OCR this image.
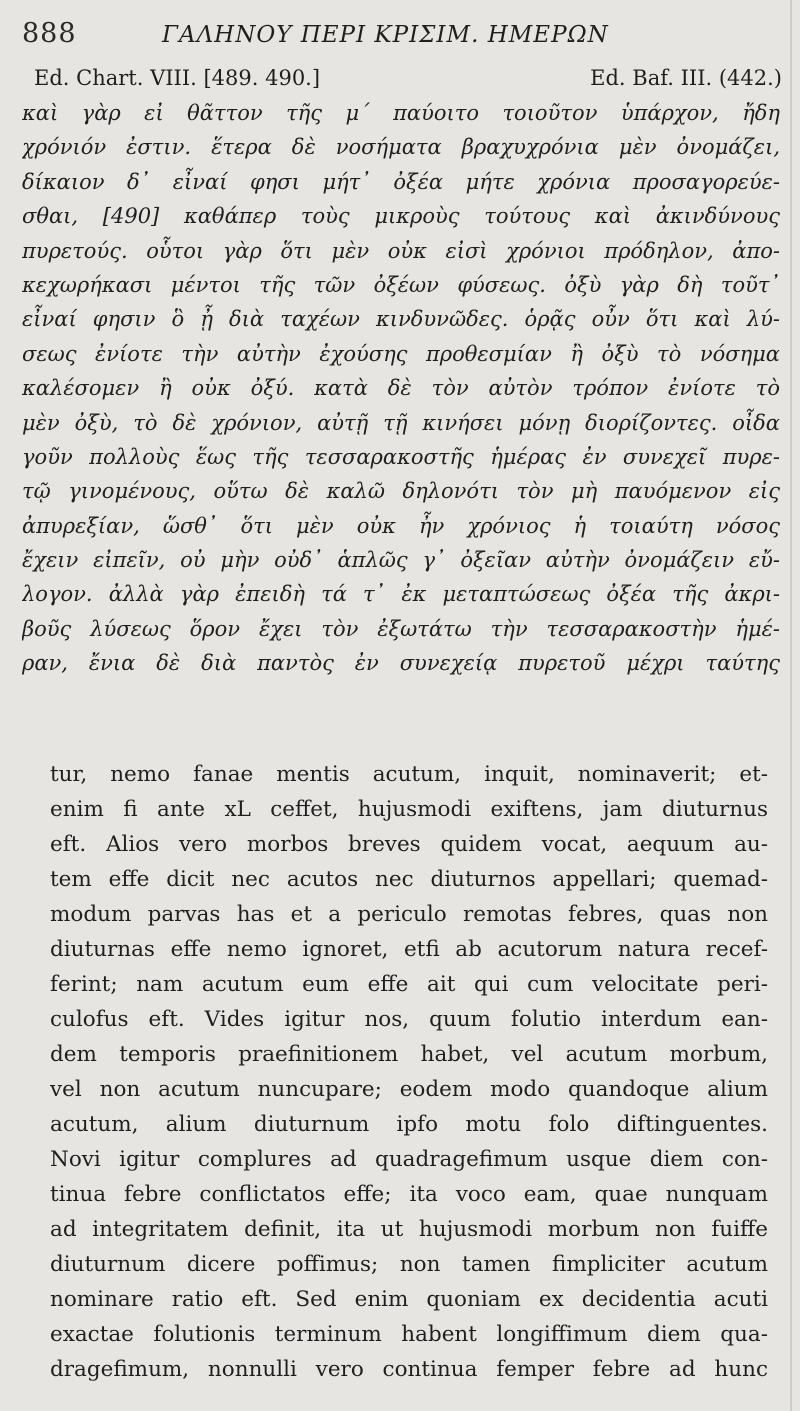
888	ΓΑΛΗΝΟΥ ΠΕΡΙ ΚΡΙΣΙΜ. ΗΜΕΡΩΝ
Ed. Chart. VIII. [489. 490.]	Ed. Baf. III. (442.)
καὶ γὰρ εἰ θᾶττον τῆς μ΄ παύοιτο τοιοῦτον ὑπάρχον, ἤδη
χρόνιόν ἐστιν. ἕτερα δὲ νοσήματα βραχυχρόνια μὲν ὀνομάζει,
δίκαιον δ᾽ εἶναί φησι μήτ᾽ ὀξέα μήτε χρόνια προσαγορεύε-
σθαι, [490] καθάπερ τοὺς μικροὺς τούτους καὶ ἀκινδύνους
πυρετούς. οὗτοι γὰρ ὅτι μὲν οὐκ εἰσὶ χρόνιοι πρόδηλον, ἀπο-
κεχωρήκασι μέντοι τῆς τῶν ὀξέων φύσεως. ὀξὺ γὰρ δὴ τοῦτ᾽
εἶναί φησιν ὃ ᾖ διὰ ταχέων κινδυνῶδες. ὁρᾷς οὖν ὅτι καὶ λύ-
σεως ἐνίοτε τὴν αὐτὴν ἐχούσης προθεσμίαν ἢ ὀξὺ τὸ νόσημα
καλέσομεν ἢ οὐκ ὀξύ. κατὰ δὲ τὸν αὐτὸν τρόπον ἐνίοτε τὸ
μὲν ὀξὺ, τὸ δὲ χρόνιον, αὐτῇ τῇ κινήσει μόνῃ διορίζοντες. οἶδα
γοῦν πολλοὺς ἕως τῆς τεσσαρακοστῆς ἡμέρας ἐν συνεχεῖ πυρε-
τῷ γινομένους, οὕτω δὲ καλῶ δηλονότι τὸν μὴ παυόμενον εἰς
ἀπυρεξίαν, ὥσθ᾽ ὅτι μὲν οὐκ ἦν χρόνιος ἡ τοιαύτη νόσος
ἔχειν εἰπεῖν, οὐ μὴν οὐδ᾽ ἁπλῶς γ᾽ ὀξεῖαν αὐτὴν ὀνομάζειν εὔ-
λογον. ἀλλὰ γὰρ ἐπειδὴ τά τ᾽ ἐκ μεταπτώσεως ὀξέα τῆς ἀκρι-
βοῦς λύσεως ὅρον ἔχει τὸν ἐξωτάτω τὴν τεσσαρακοστὴν ἡμέ-
ραν, ἔνια δὲ διὰ παντὸς ἐν συνεχείᾳ πυρετοῦ μέχρι ταύτης
tur, nemo fanae mentis acutum, inquit, nominaverit; et-
enim fi ante xL ceffet, hujusmodi exiftens, jam diuturnus
eft. Alios vero morbos breves quidem vocat, aequum au-
tem effe dicit nec acutos nec diuturnos appellari; quemad-
modum parvas has et a periculo remotas febres, quas non
diuturnas effe nemo ignoret, etfi ab acutorum natura recef-
ferint; nam acutum eum effe ait qui cum velocitate peri-
culofus eft. Vides igitur nos, quum folutio interdum ean-
dem temporis praefinitionem habet, vel acutum morbum,
vel non acutum nuncupare; eodem modo quandoque alium
acutum, alium diuturnum ipfo motu folo diftinguentes.
Novi igitur complures ad quadragefimum usque diem con-
tinua febre conflictatos effe; ita voco eam, quae nunquam
ad integritatem definit, ita ut hujusmodi morbum non fuiffe
diuturnum dicere poffimus; non tamen fimpliciter acutum
nominare ratio eft. Sed enim quoniam ex decidentia acuti
exactae folutionis terminum habent longiffimum diem qua-
dragefimum, nonnulli vero continua femper febre ad hunc
